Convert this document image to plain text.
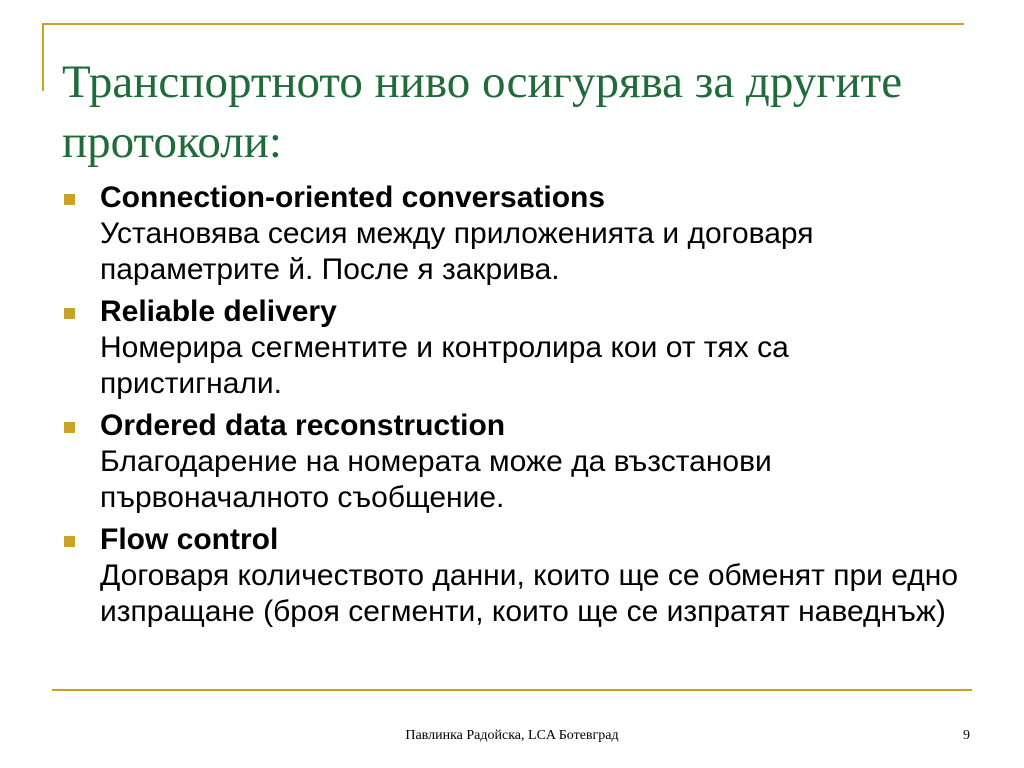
Транспортното ниво осигурява за другите протоколи:
Connection-oriented conversations
Установява сесия между приложенията и договаря параметрите й. После я закрива.
Reliable delivery
Номерира сегментите и контролира кои от тях са пристигнали.
Ordered data reconstruction
Благодарение на номерата може да възстанови първоначалното съобщение.
Flow control
Договаря количеството данни, които ще се обменят при едно изпращане (броя сегменти, които ще се изпратят наведнъж)
Павлинка Радойска, LCA Ботевград	9
